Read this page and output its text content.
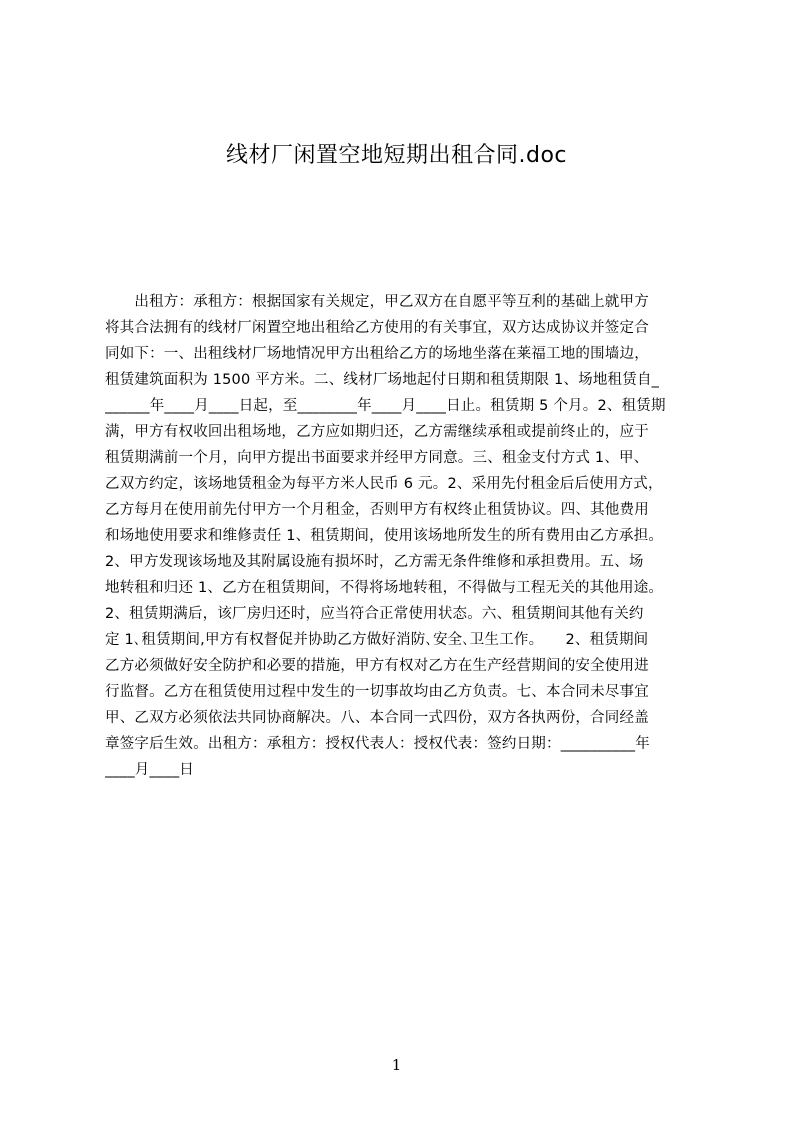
线材厂闲置空地短期出租合同.doc
　　出租方：承租方：根据国家有关规定，甲乙双方在自愿平等互利的基础上就甲方
将其合法拥有的线材厂闲置空地出租给乙方使用的有关事宜，双方达成协议并签定合
同如下：一、出租线材厂场地情况甲方出租给乙方的场地坐落在莱福工地的围墙边，
租赁建筑面积为 1500 平方米。二、线材厂场地起付日期和租赁期限 1、场地租赁自_
______年____月____日起，至________年____月____日止。租赁期 5 个月。2、租赁期
满，甲方有权收回出租场地，乙方应如期归还，乙方需继续承租或提前终止的，应于
租赁期满前一个月，向甲方提出书面要求并经甲方同意。三、租金支付方式 1、甲、
乙双方约定，该场地赁租金为每平方米人民币 6 元。2、采用先付租金后后使用方式，
乙方每月在使用前先付甲方一个月租金，否则甲方有权终止租赁协议。四、其他费用
和场地使用要求和维修责任 1、租赁期间，使用该场地所发生的所有费用由乙方承担。
2、甲方发现该场地及其附属设施有损坏时，乙方需无条件维修和承担费用。五、场
地转租和归还 1、乙方在租赁期间，不得将场地转租，不得做与工程无关的其他用途。
2、租赁期满后，该厂房归还时，应当符合正常使用状态。六、租赁期间其他有关约
定 1､租赁期间,甲方有权督促并协助乙方做好消防､安全､卫生工作。　　2、租赁期间
乙方必须做好安全防护和必要的措施，甲方有权对乙方在生产经营期间的安全使用进
行监督。乙方在租赁使用过程中发生的一切事故均由乙方负责。七、本合同未尽事宜
甲、乙双方必须依法共同协商解决。八、本合同一式四份，双方各执两份，合同经盖
章签字后生效。出租方：承租方：授权代表人：授权代表：签约日期：__________年
____月____日
1
